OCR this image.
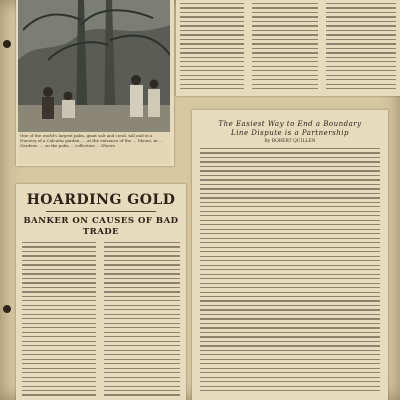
One of the world's largest palm, giant salt and coral, tall and in a Nursery of a Calcutta garden, ... at the entrance of the ... Dhows, in ... Gardens. ... on the palm ... collection ... Dhows
HOARDING GOLD
BANKER ON CAUSES OF BAD
TRADE
The Easiest Way to End a Boundary
Line Dispute is a Partnership
By ROBERT QUILLEN
